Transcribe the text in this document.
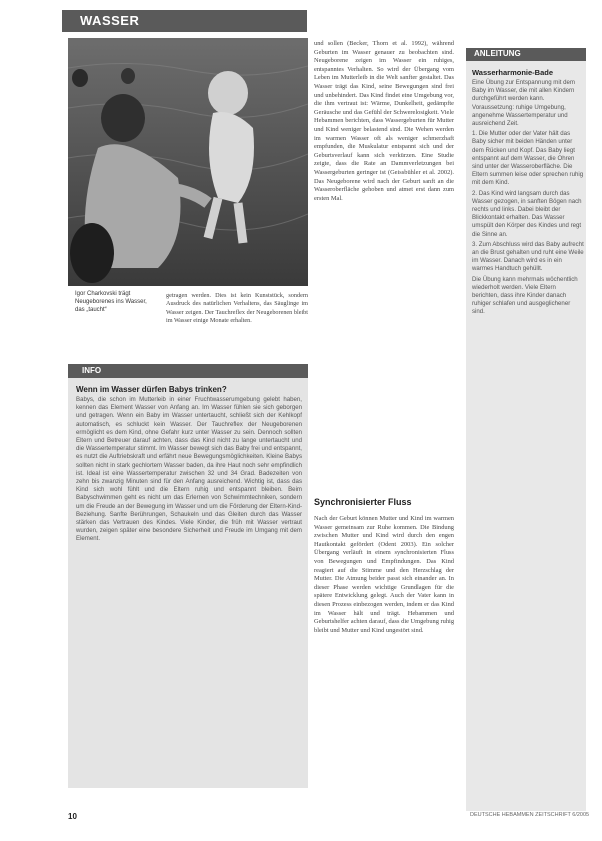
WASSER
Igor Charkovski trägt Neugeborenes ins Wasser, das „taucht“
getragen werden. Dies ist kein Kunststück, sondern Ausdruck des natürlichen Verhaltens, das Säuglinge im Wasser zeigen. Der Tauchreflex der Neugeborenen bleibt im Wasser einige Monate erhalten.
INFO
Wenn im Wasser dürfen Babys trinken?
Babys, die schon im Mutterleib in einer Fruchtwasserumgebung gelebt haben, kennen das Element Wasser von Anfang an. Im Wasser fühlen sie sich geborgen und getragen. Wenn ein Baby im Wasser untertaucht, schließt sich der Kehlkopf automatisch, es schluckt kein Wasser. Der Tauchreflex der Neugeborenen ermöglicht es dem Kind, ohne Gefahr kurz unter Wasser zu sein. Dennoch sollten Eltern und Betreuer darauf achten, dass das Kind nicht zu lange untertaucht und die Wassertemperatur stimmt. Im Wasser bewegt sich das Baby frei und entspannt, es nutzt die Auftriebskraft und erfährt neue Bewegungsmöglichkeiten. Kleine Babys sollten nicht in stark gechlortem Wasser baden, da ihre Haut noch sehr empfindlich ist. Ideal ist eine Wassertemperatur zwischen 32 und 34 Grad. Badezeiten von zehn bis zwanzig Minuten sind für den Anfang ausreichend. Wichtig ist, dass das Kind sich wohl fühlt und die Eltern ruhig und entspannt bleiben. Beim Babyschwimmen geht es nicht um das Erlernen von Schwimmtechniken, sondern um die Freude an der Bewegung im Wasser und um die Förderung der Eltern-Kind-Beziehung. Sanfte Berührungen, Schaukeln und das Gleiten durch das Wasser stärken das Vertrauen des Kindes. Viele Kinder, die früh mit Wasser vertraut wurden, zeigen später eine besondere Sicherheit und Freude im Umgang mit dem Element.
und sollen (Becker, Thorn et al. 1992), während Geburten im Wasser genauer zu beobachten sind. Neugeborene zeigen im Wasser ein ruhiges, entspanntes Verhalten. So wird der Übergang vom Leben im Mutterleib in die Welt sanfter gestaltet. Das Wasser trägt das Kind, seine Bewegungen sind frei und unbehindert. Das Kind findet eine Umgebung vor, die ihm vertraut ist: Wärme, Dunkelheit, gedämpfte Geräusche und das Gefühl der Schwerelosigkeit. Viele Hebammen berichten, dass Wassergeburten für Mutter und Kind weniger belastend sind. Die Wehen werden im warmen Wasser oft als weniger schmerzhaft empfunden, die Muskulatur entspannt sich und der Geburtsverlauf kann sich verkürzen. Eine Studie zeigte, dass die Rate an Dammverletzungen bei Wassergeburten geringer ist (Geissbühler et al. 2002). Das Neugeborene wird nach der Geburt sanft an die Wasseroberfläche gehoben und atmet erst dann zum ersten Mal.
Synchronisierter Fluss
Nach der Geburt können Mutter und Kind im warmen Wasser gemeinsam zur Ruhe kommen. Die Bindung zwischen Mutter und Kind wird durch den engen Hautkontakt gefördert (Odent 2003). Ein solcher Übergang verläuft in einem synchronisierten Fluss von Bewegungen und Empfindungen. Das Kind reagiert auf die Stimme und den Herzschlag der Mutter. Die Atmung beider passt sich einander an. In dieser Phase werden wichtige Grundlagen für die spätere Entwicklung gelegt. Auch der Vater kann in diesen Prozess einbezogen werden, indem er das Kind im Wasser hält und trägt. Hebammen und Geburtshelfer achten darauf, dass die Umgebung ruhig bleibt und Mutter und Kind ungestört sind.
ANLEITUNG
Wasserharmonie-Bade

Eine Übung zur Entspannung mit dem Baby im Wasser, die mit allen Kindern durchgeführt werden kann. Voraussetzung: ruhige Umgebung, angenehme Wassertemperatur und ausreichend Zeit.

1. Die Mutter oder der Vater hält das Baby sicher mit beiden Händen unter dem Rücken und Kopf. Das Baby liegt entspannt auf dem Wasser, die Ohren sind unter der Wasseroberfläche. Die Eltern summen leise oder sprechen ruhig mit dem Kind.

2. Das Kind wird langsam durch das Wasser gezogen, in sanften Bögen nach rechts und links. Dabei bleibt der Blickkontakt erhalten. Das Wasser umspült den Körper des Kindes und regt die Sinne an.

3. Zum Abschluss wird das Baby aufrecht an die Brust gehalten und ruht eine Weile im Wasser. Danach wird es in ein warmes Handtuch gehüllt.

Die Übung kann mehrmals wöchentlich wiederholt werden. Viele Eltern berichten, dass ihre Kinder danach ruhiger schlafen und ausgeglichener sind.

10	DEUTSCHE HEBAMMEN ZEITSCHRIFT 6/2005
